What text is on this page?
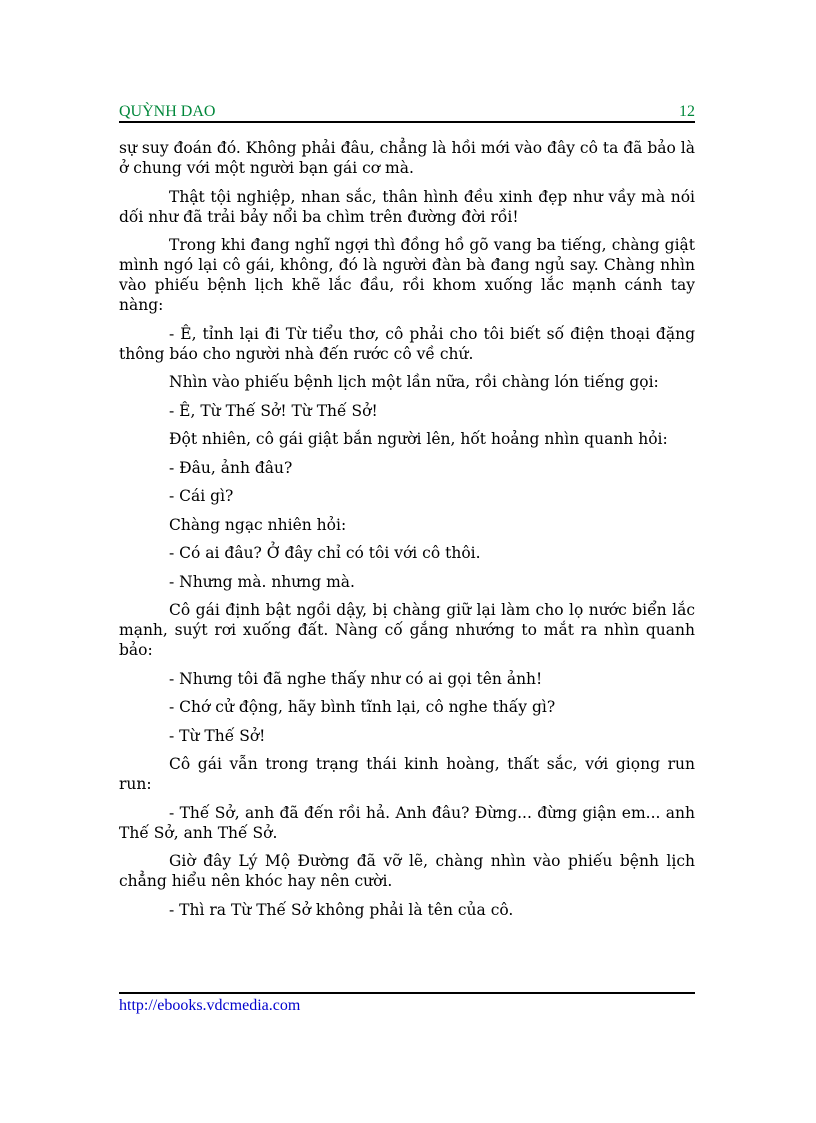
QUỲNH DAO	12

sự suy đoán đó. Không phải đâu, chẳng là hồi mới vào đây cô ta đã bảo là ở chung với một người bạn gái cơ mà.

Thật tội nghiệp, nhan sắc, thân hình đều xinh đẹp như vầy mà nói dối như đã trải bảy nổi ba chìm trên đường đời rồi!

Trong khi đang nghĩ ngợi thì đồng hồ gõ vang ba tiếng, chàng giật mình ngó lại cô gái, không, đó là người đàn bà đang ngủ say. Chàng nhìn vào phiếu bệnh lịch khẽ lắc đầu, rồi khom xuống lắc mạnh cánh tay nàng:

- Ê, tỉnh lại đi Từ tiểu thơ, cô phải cho tôi biết số điện thoại đặng thông báo cho người nhà đến rước cô về chứ.

Nhìn vào phiếu bệnh lịch một lần nữa, rồi chàng lón tiếng gọi:

- Ê, Từ Thế Sở! Từ Thế Sở!

Đột nhiên, cô gái giật bắn người lên, hốt hoảng nhìn quanh hỏi:

- Đâu, ảnh đâu?

- Cái gì?

Chàng ngạc nhiên hỏi:

- Có ai đâu? Ở đây chỉ có tôi với cô thôi.

- Nhưng mà. nhưng mà.

Cô gái định bật ngồi dậy, bị chàng giữ lại làm cho lọ nước biển lắc mạnh, suýt rơi xuống đất. Nàng cố gắng nhướng to mắt ra nhìn quanh bảo:

- Nhưng tôi đã nghe thấy như có ai gọi tên ảnh!

- Chớ cử động, hãy bình tĩnh lại, cô nghe thấy gì?

- Từ Thế Sở!

Cô gái vẫn trong trạng thái kinh hoàng, thất sắc, với giọng run run:

- Thế Sở, anh đã đến rồi hả. Anh đâu? Đừng... đừng giận em... anh Thế Sở, anh Thế Sở.

Giờ đây Lý Mộ Đường đã vỡ lẽ, chàng nhìn vào phiếu bệnh lịch chẳng hiểu nên khóc hay nên cười.

- Thì ra Từ Thế Sở không phải là tên của cô.

http://ebooks.vdcmedia.com
